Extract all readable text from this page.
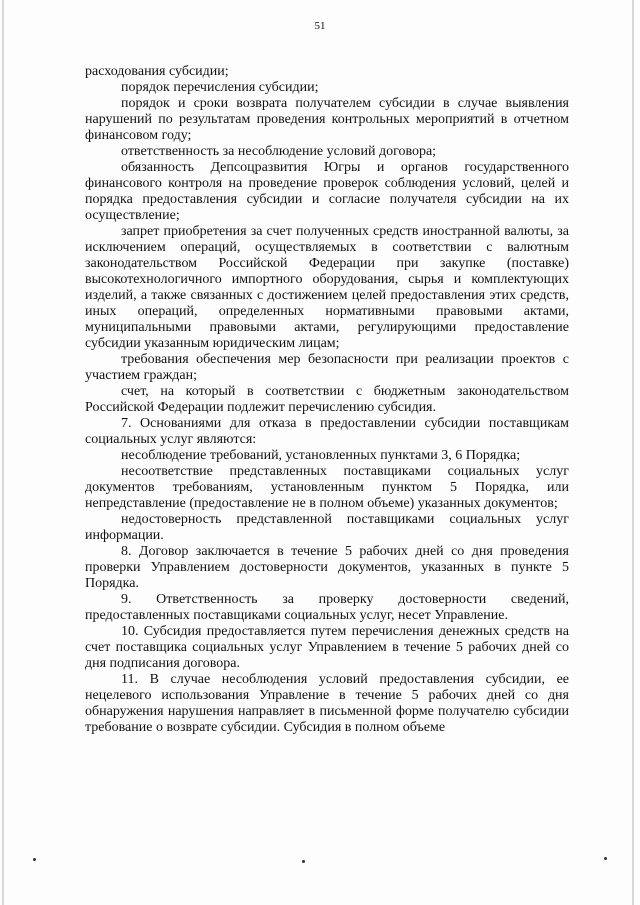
51

расходования субсидии;

порядок перечисления субсидии;

порядок и сроки возврата получателем субсидии в случае выявления нарушений по результатам проведения контрольных мероприятий в отчетном финансовом году;

ответственность за несоблюдение условий договора;

обязанность Депсоцразвития Югры и органов государственного финансового контроля на проведение проверок соблюдения условий, целей и порядка предоставления субсидии и согласие получателя субсидии на их осуществление;

запрет приобретения за счет полученных средств иностранной валюты, за исключением операций, осуществляемых в соответствии с валютным законодательством Российской Федерации при закупке (поставке) высокотехнологичного импортного оборудования, сырья и комплектующих изделий, а также связанных с достижением целей предоставления этих средств, иных операций, определенных нормативными правовыми актами, муниципальными правовыми актами, регулирующими предоставление субсидии указанным юридическим лицам;

требования обеспечения мер безопасности при реализации проектов с участием граждан;

счет, на который в соответствии с бюджетным законодательством Российской Федерации подлежит перечислению субсидия.

7. Основаниями для отказа в предоставлении субсидии поставщикам социальных услуг являются:

несоблюдение требований, установленных пунктами 3, 6 Порядка;

несоответствие представленных поставщиками социальных услуг документов требованиям, установленным пунктом 5 Порядка, или непредставление (предоставление не в полном объеме) указанных документов;

недостоверность представленной поставщиками социальных услуг информации.

8. Договор заключается в течение 5 рабочих дней со дня проведения проверки Управлением достоверности документов, указанных в пункте 5 Порядка.

9. Ответственность за проверку достоверности сведений, предоставленных поставщиками социальных услуг, несет Управление.

10. Субсидия предоставляется путем перечисления денежных средств на счет поставщика социальных услуг Управлением в течение 5 рабочих дней со дня подписания договора.

11. В случае несоблюдения условий предоставления субсидии, ее нецелевого использования Управление в течение 5 рабочих дней со дня обнаружения нарушения направляет в письменной форме получателю субсидии требование о возврате субсидии. Субсидия в полном объеме
